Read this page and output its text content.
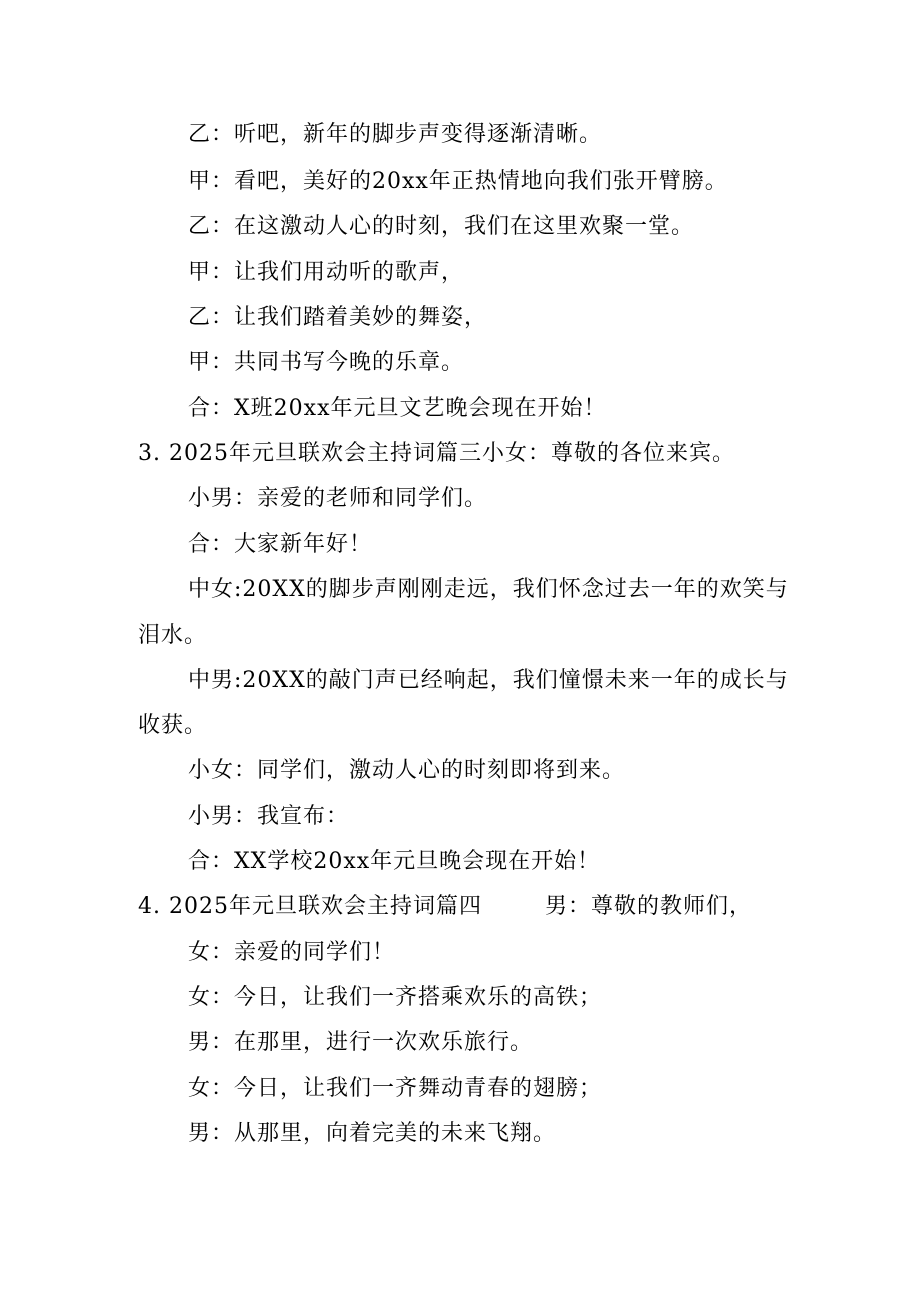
乙：听吧，新年的脚步声变得逐渐清晰。
甲：看吧，美好的20xx年正热情地向我们张开臂膀。
乙：在这激动人心的时刻，我们在这里欢聚一堂。
甲：让我们用动听的歌声，
乙：让我们踏着美妙的舞姿，
甲：共同书写今晚的乐章。
合：X班20xx年元旦文艺晚会现在开始！
3. 2025年元旦联欢会主持词篇三小女：尊敬的各位来宾。
小男：亲爱的老师和同学们。
合：大家新年好！
中女:20XX的脚步声刚刚走远，我们怀念过去一年的欢笑与
泪水。
中男:20XX的敲门声已经响起，我们憧憬未来一年的成长与
收获。
小女：同学们，激动人心的时刻即将到来。
小男：我宣布：
合：XX学校20xx年元旦晚会现在开始！
4. 2025年元旦联欢会主持词篇四	男：尊敬的教师们，
女：亲爱的同学们！
女：今日，让我们一齐搭乘欢乐的高铁；
男：在那里，进行一次欢乐旅行。
女：今日，让我们一齐舞动青春的翅膀；
男：从那里，向着完美的未来飞翔。
